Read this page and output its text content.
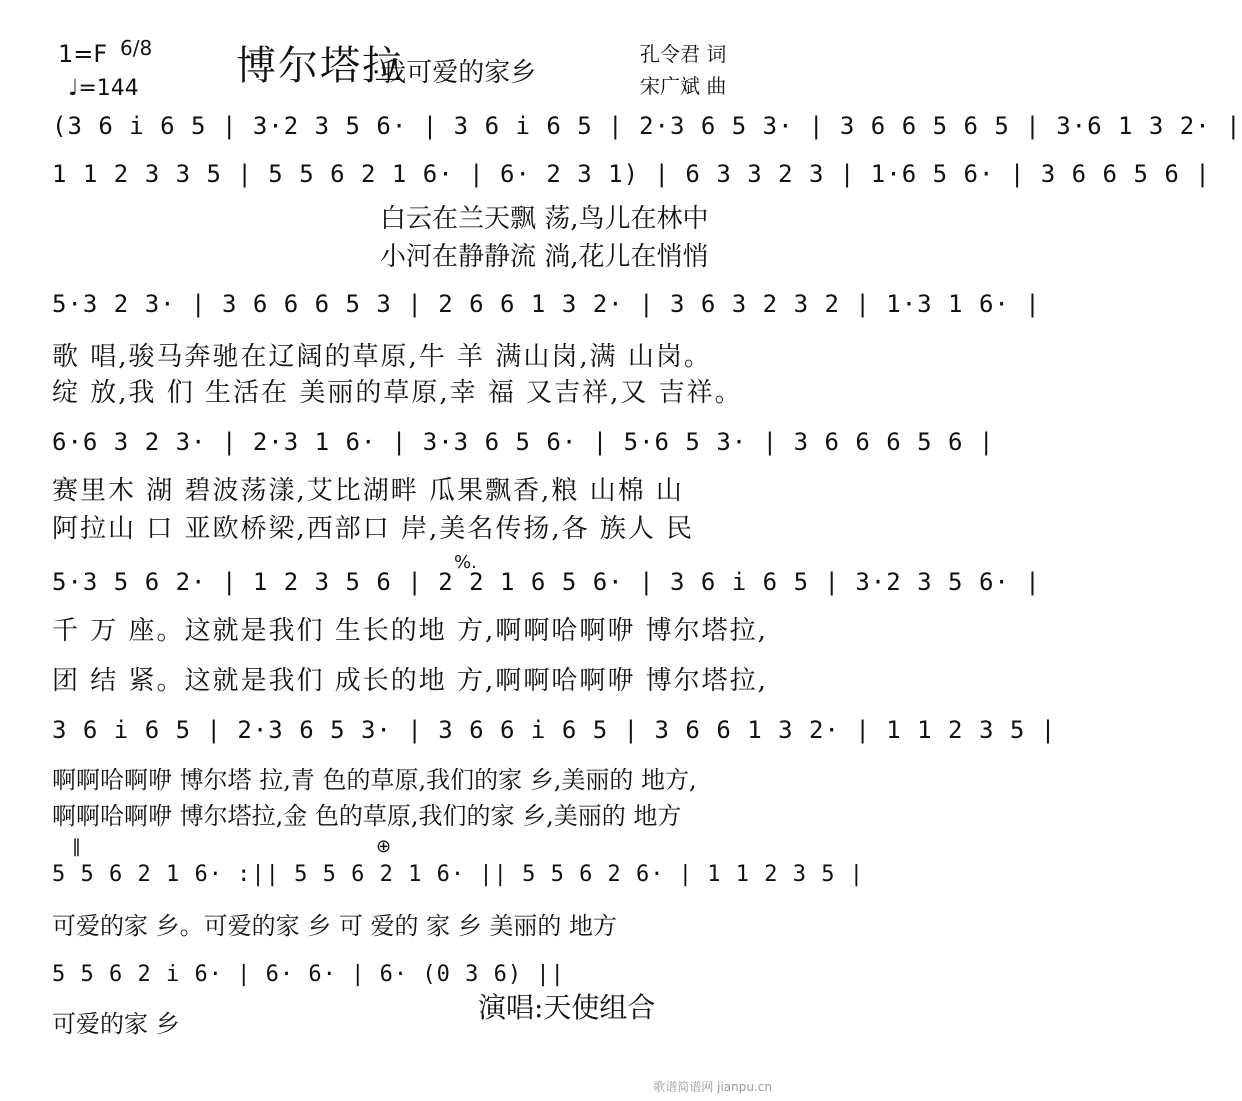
1=F 6/8
♩=144 博尔塔拉
·我可爱的家乡
孔令君 词
宋广斌 曲
(3 6 i 6 5 | 3·2 3 5 6· | 3 6 i 6 5 | 2·3 6 5 3· | 3 6 6 5 6 5 | 3·6 1 3 2· |
1 1 2 3 3 5 | 5 5 6 2 1 6· | 6· 2 3 1) | 6 3 3 2 3 | 1·6 5 6· | 3 6 6 5 6 |
白云在兰天飘 荡,鸟儿在林中
小河在静静流 淌,花儿在悄悄
5·3 2 3· | 3 6 6 6 5 3 | 2 6 6 1 3 2· | 3 6 3 2 3 2 | 1·3 1 6· |
歌 唱,骏马奔驰在辽阔的草原,牛 羊 满山岗,满 山岗。
绽 放,我 们 生活在 美丽的草原,幸 福 又吉祥,又 吉祥。
6·6 3 2 3· | 2·3 1 6· | 3·3 6 5 6· | 5·6 5 3· | 3 6 6 6 5 6 |
赛里木 湖 碧波荡漾,艾比湖畔 瓜果飘香,粮 山棉 山
阿拉山 口 亚欧桥梁,西部口 岸,美名传扬,各 族人 民
5·3 5 6 2· | 1 2 3 5 6 | 2 2 1 6 5 6· | 3 6 i 6 5 | 3·2 3 5 6· |
%.
千 万 座。这就是我们 生长的地 方,啊啊哈啊咿 博尔塔拉,
团 结 紧。这就是我们 成长的地 方,啊啊哈啊咿 博尔塔拉,
3 6 i 6 5 | 2·3 6 5 3· | 3 6 6 i 6 5 | 3 6 6 1 3 2· | 1 1 2 3 5 |
啊啊哈啊咿 博尔塔 拉,青 色的草原,我们的家 乡,美丽的 地方,
啊啊哈啊咿 博尔塔拉,金 色的草原,我们的家 乡,美丽的 地方
‖	⊕
5 5 6 2 1 6· :|| 5 5 6 2 1 6· || 5 5 6 2 6· | 1 1 2 3 5 |
可爱的家 乡。可爱的家 乡 可 爱的 家 乡 美丽的 地方
5 5 6 2 i 6· | 6· 6· | 6· (0 3 6) ||
可爱的家 乡	演唱:天使组合
歌谱简谱网 jianpu.cn
